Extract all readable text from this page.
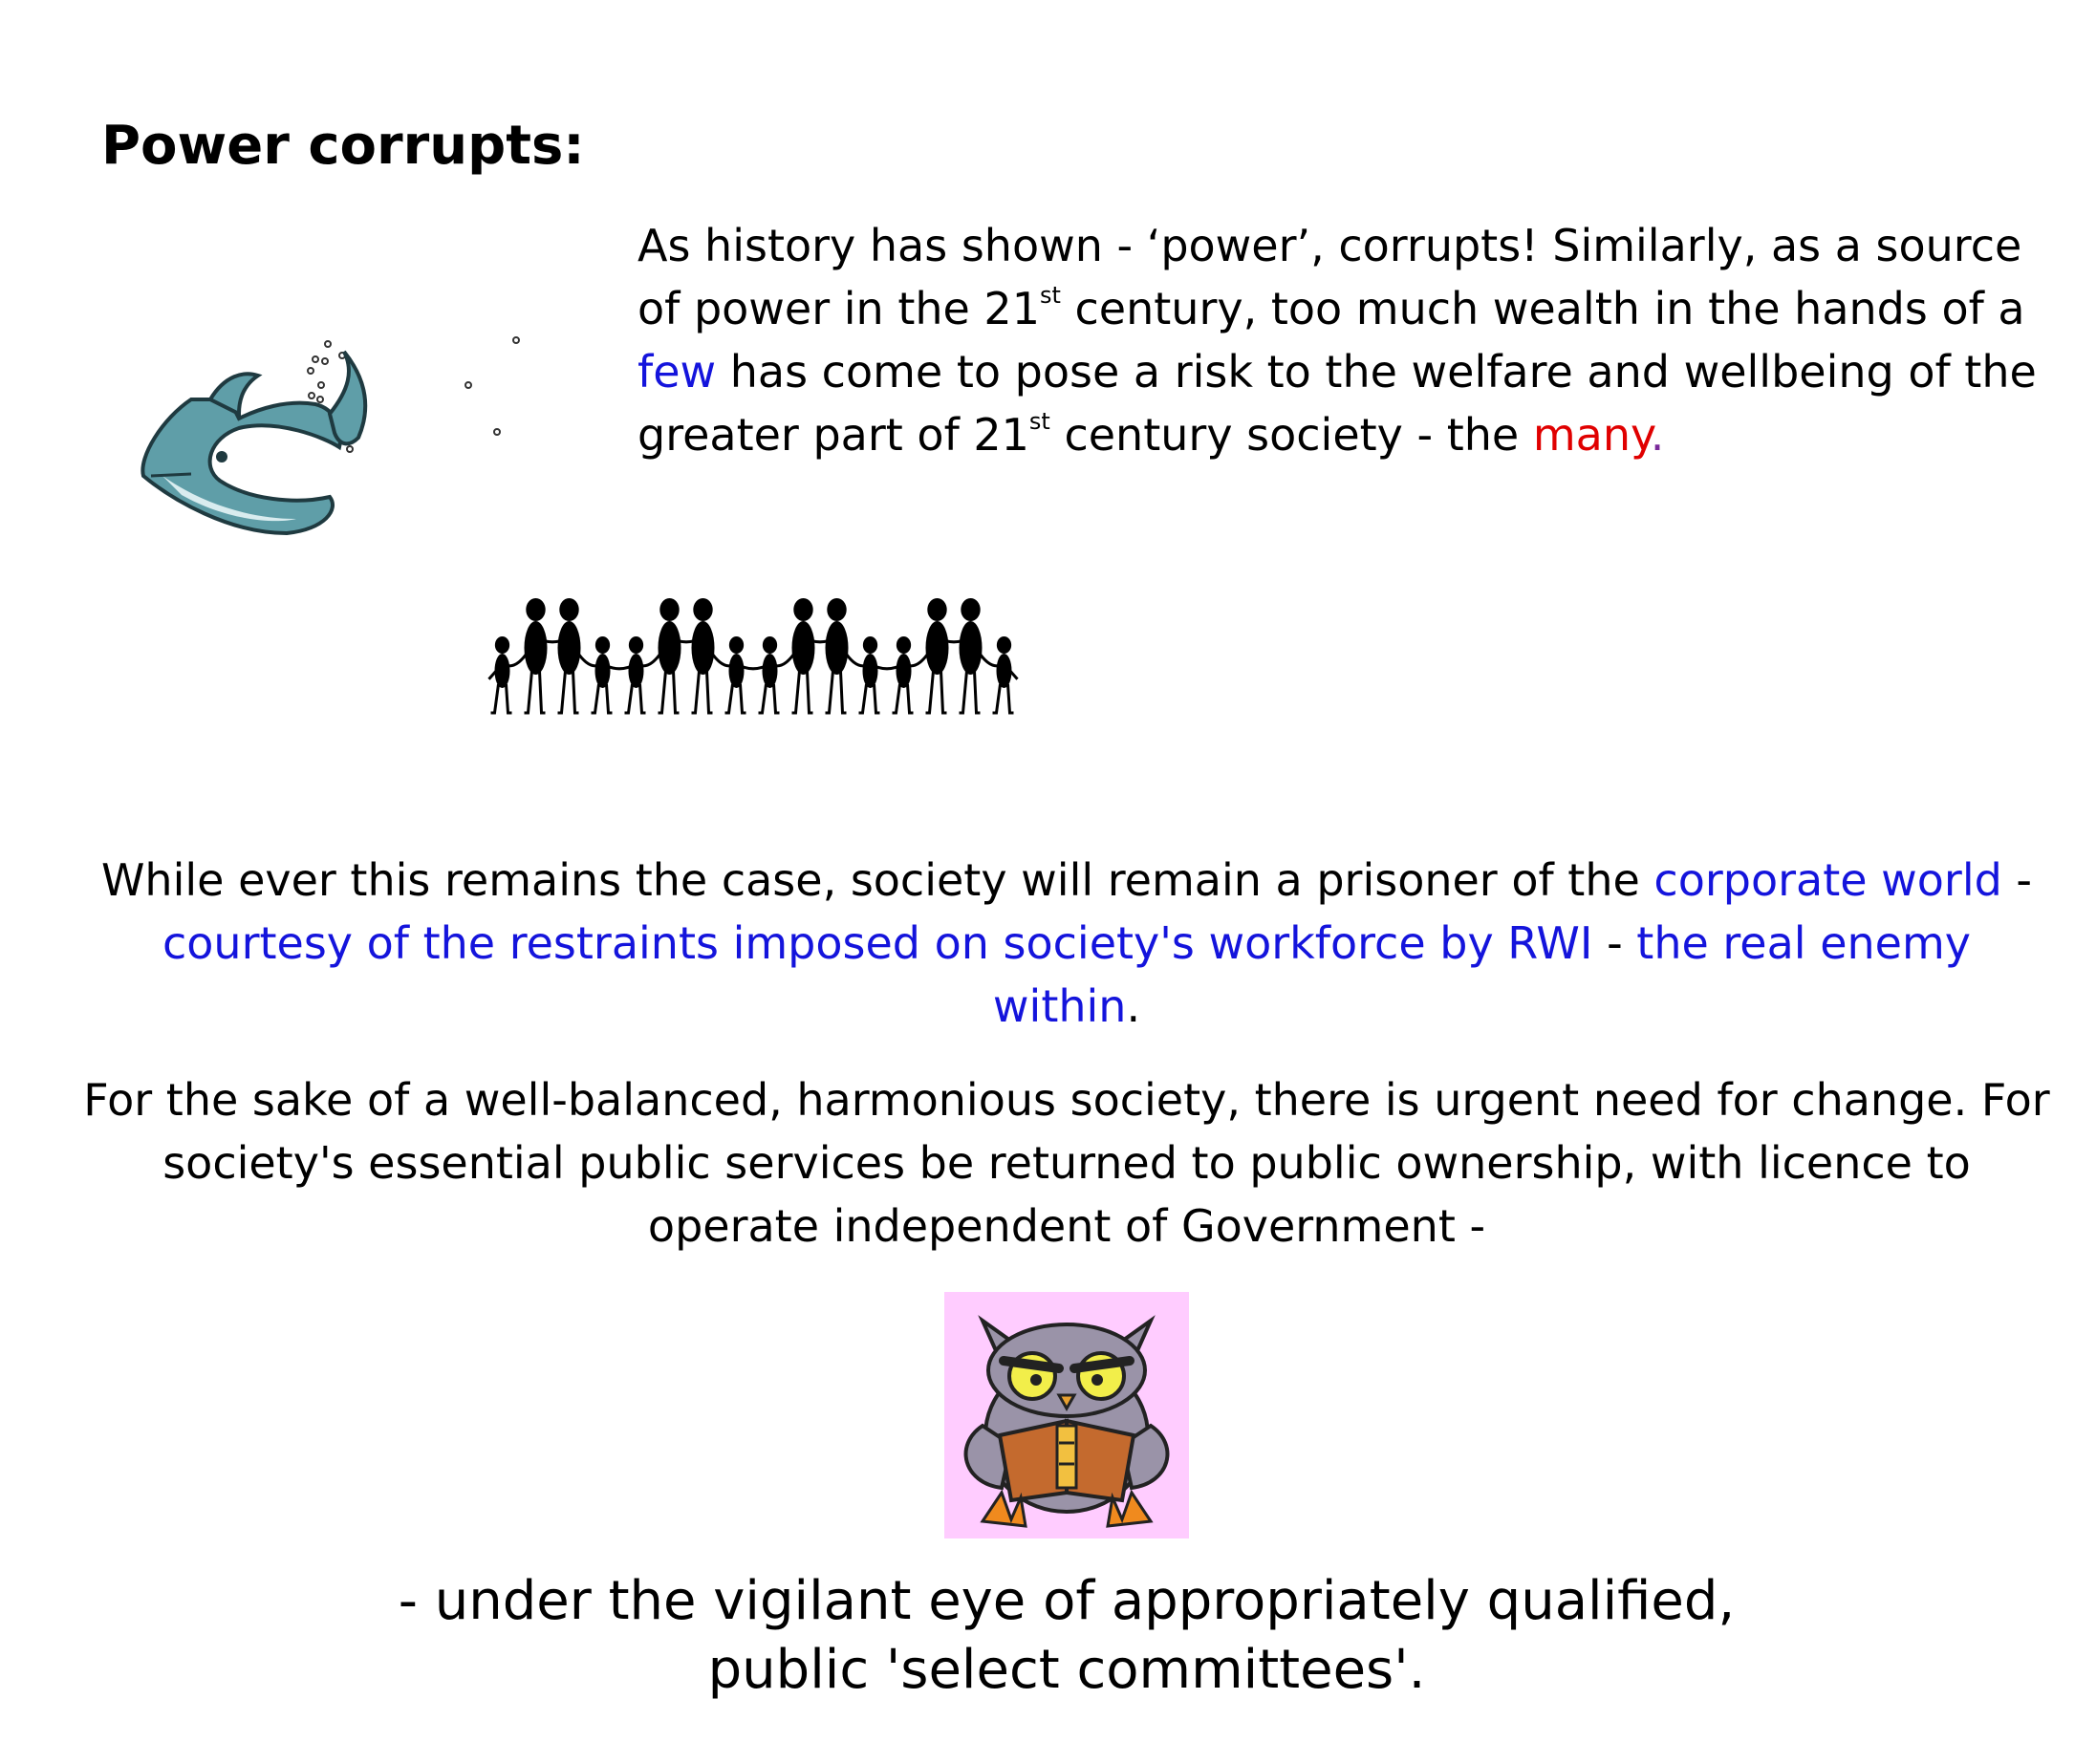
Power corrupts:

As history has shown - ‘power’, corrupts! Similarly, as a source of power in the 21st century, too much wealth in the hands of a few has come to pose a risk to the welfare and wellbeing of the greater part of 21st century society - the many.

While ever this remains the case, society will remain a prisoner of the corporate world - courtesy of the restraints imposed on society's workforce by RWI - the real enemy within.

For the sake of a well-balanced, harmonious society, there is urgent need for change. For society's essential public services be returned to public ownership, with licence to operate independent of Government -

- under the vigilant eye of appropriately qualified,
public 'select committees'.
